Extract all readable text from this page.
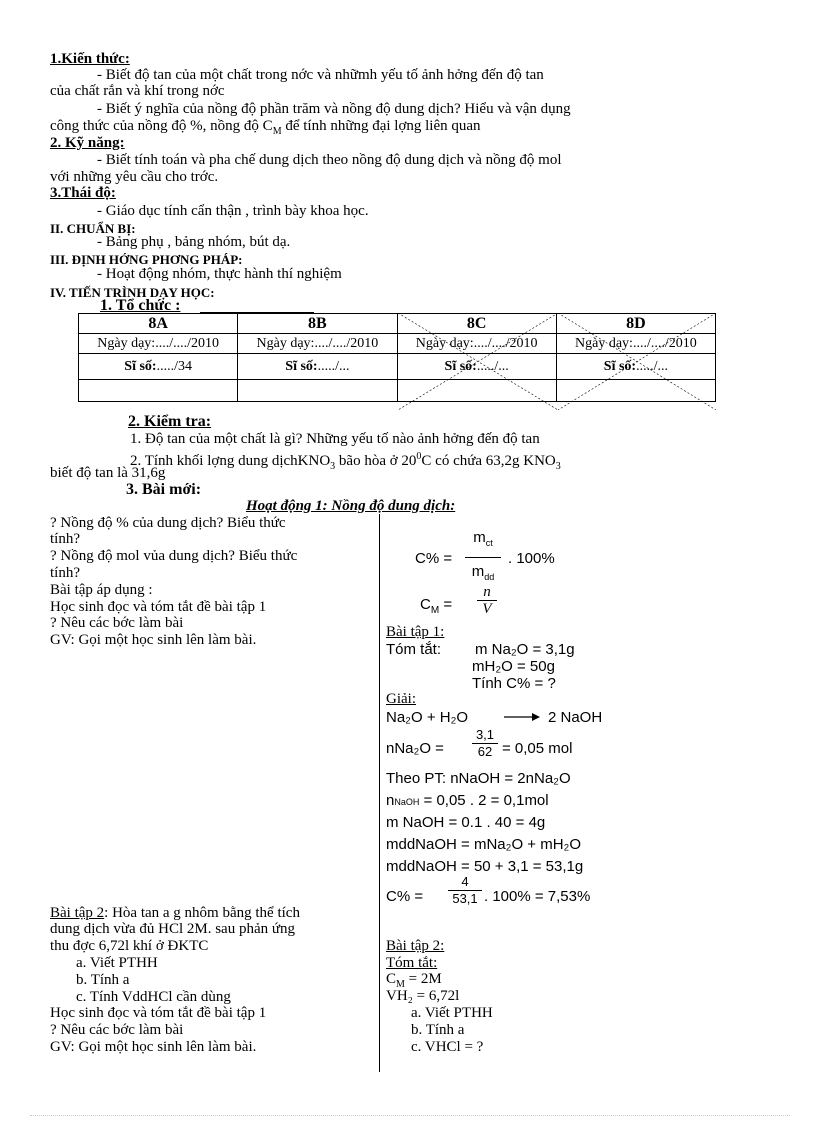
1.Kiến thức:
- Biết độ tan của một chất trong nớc và nhữmh yếu tố ảnh hởng đến độ tan
của chất rắn và khí trong nớc
- Biết ý nghĩa của nồng độ phần trăm và nồng độ dung dịch? Hiểu và vận dụng
công thức của nồng độ %, nồng độ $C_M$ để tính những đại lợng liên quan
2. Kỹ năng:
- Biết tính toán và pha chế dung dịch theo nồng độ dung dịch và nồng độ mol
với những yêu cầu cho trớc.
3.Thái độ:
- Giáo dục tính cẩn thận , trình bày khoa học.
II. CHUẨN BỊ:
- Bảng phụ , bảng nhóm, bút dạ.
III. ĐỊNH HỚNG PHƠNG PHÁP:
- Hoạt động nhóm, thực hành thí nghiệm
IV. TIẾN TRÌNH DẠY HỌC:
1. Tổ chức :
8A	8B	8C	8D
Ngày dạy:..../..../2010	Ngày dạy:..../..../2010	Ngày dạy:..../..../2010	Ngày dạy:..../..../2010
Sĩ số:...../34	Sĩ số:...../...	Sĩ số:...../...	Sĩ số:...../...

2. Kiểm tra:
1. Độ tan của một chất là gì? Những yếu tố nào ảnh hởng đến độ tan
2. Tính khối lợng dung dịchKNO$_3$ bão hòa ở $20^0C$ có chứa 63,2g $KNO_3$
biết độ tan là 31,6g
3. Bài mới:
Hoạt động 1: Nồng độ dung dịch:
? Nồng độ % của dung dịch? Biểu thức
tính?
? Nồng độ mol vủa dung dịch? Biểu thức
tính?
Bài tập áp dụng :
Học sinh đọc và tóm tắt đề bài tập 1
? Nêu các bớc làm bài
GV: Gọi một học sinh lên làm bài.
Bài tập 2: Hòa tan a g nhôm bằng thể tích
dung dịch vừa đủ HCl 2M. sau phản ứng
thu đợc 6,72l khí ở ĐKTC
a. Viết PTHH
b. Tính a
c. Tính VddHCl cần dùng
Học sinh đọc và tóm tắt đề bài tập 1
? Nêu các bớc làm bài
GV: Gọi một học sinh lên làm bài.
C% =
$m_{ct}$
$m_{dd}$
. 100%
$C_M = \frac{n}{V}$
Bài tập 1:
Tóm tắt: m Na₂O = 3,1g
mH₂O = 50g
Tính C% = ?
Giải:
Na₂O + H₂O	2 NaOH
$nNa_2O = \frac{3,1}{62} = 0,05$ mol
Theo PT: nNaOH = 2nNa₂O
nNaOH = 0,05 . 2 = 0,1mol
m NaOH = 0.1 . 40 = 4g
mddNaOH = mNa₂O + mH₂O
mddNaOH = 50 + 3,1 = 53,1g
$C\% = \frac{4}{53,1}$ . 100% = 7,53%
Bài tập 2:
Tóm tắt:
$C_M = 2M$
VH₂ = 6,72l
a. Viết PTHH
b. Tính a
c. VHCl = ?
